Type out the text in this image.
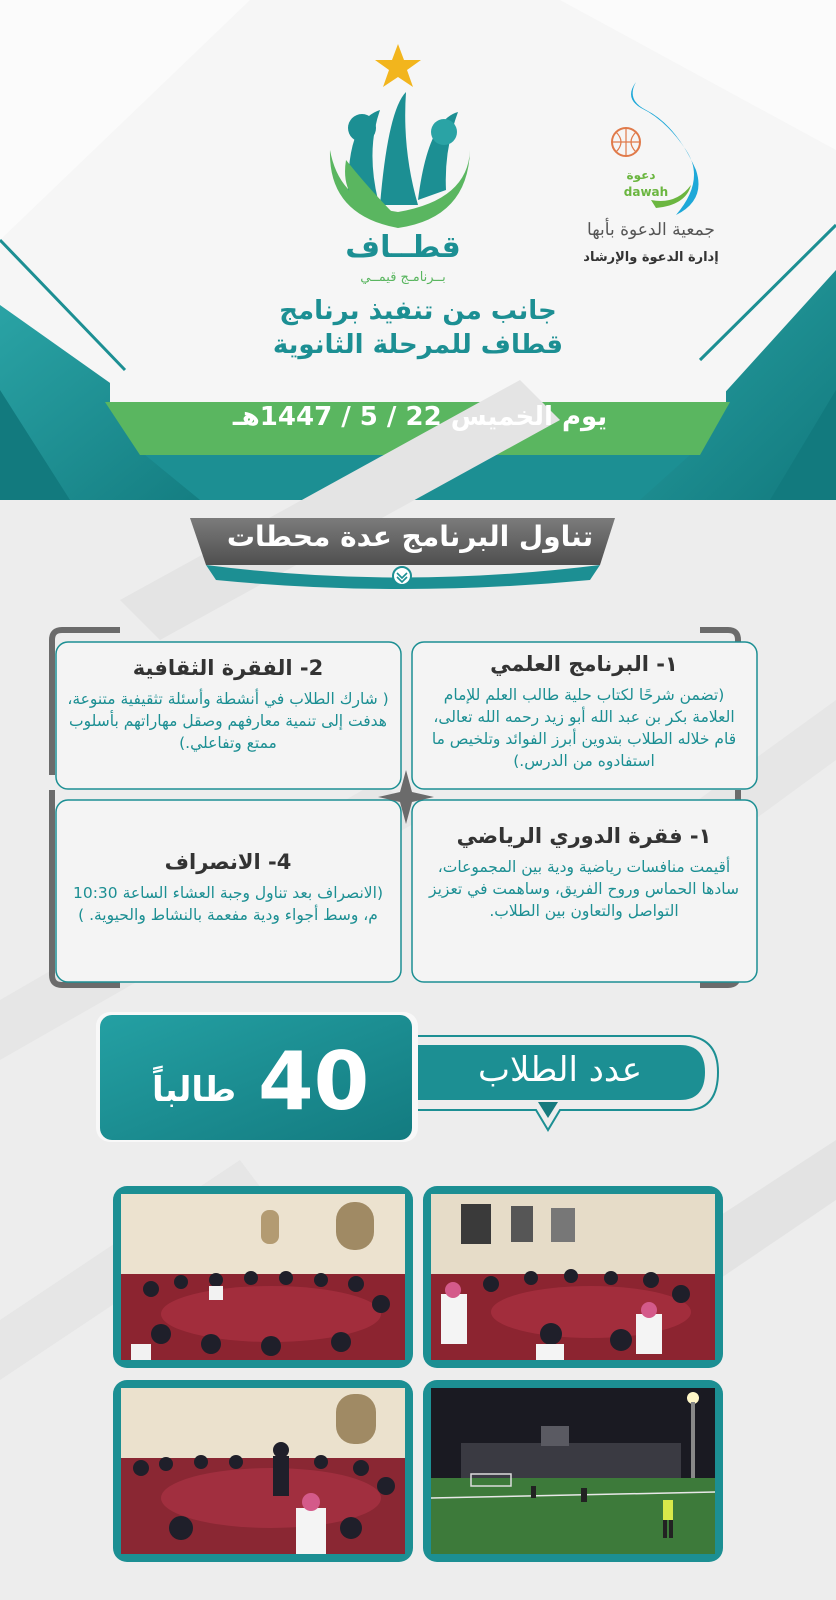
قطــاف
بــرنامـج قيمــي
دعوة
dawah
جمعية الدعوة بأبها
إدارة الدعوة والإرشاد
جانب من تنفيذ برنامج
قطاف للمرحلة الثانوية
يوم الخميس 22 / 5 / 1447هـ
تناول البرنامج عدة محطات
١- البرنامج العلمي
(تضمن شرحًا لكتاب حلية طالب العلم للإمام العلامة بكر بن عبد الله أبو زيد رحمه الله تعالى، قام خلاله الطلاب بتدوين أبرز الفوائد وتلخيص ما استفادوه من الدرس.)
2- الفقرة الثقافية
( شارك الطلاب في أنشطة وأسئلة تثقيفية متنوعة، هدفت إلى تنمية معارفهم وصقل مهاراتهم بأسلوب ممتع وتفاعلي.)
١- فقرة الدوري الرياضي
أقيمت منافسات رياضية ودية بين المجموعات، سادها الحماس وروح الفريق، وساهمت في تعزيز التواصل والتعاون بين الطلاب.
4- الانصراف
(الانصراف بعد تناول وجبة العشاء الساعة 10:30 م، وسط أجواء ودية مفعمة بالنشاط والحيوية. )
40
طالباً	عدد الطلاب
